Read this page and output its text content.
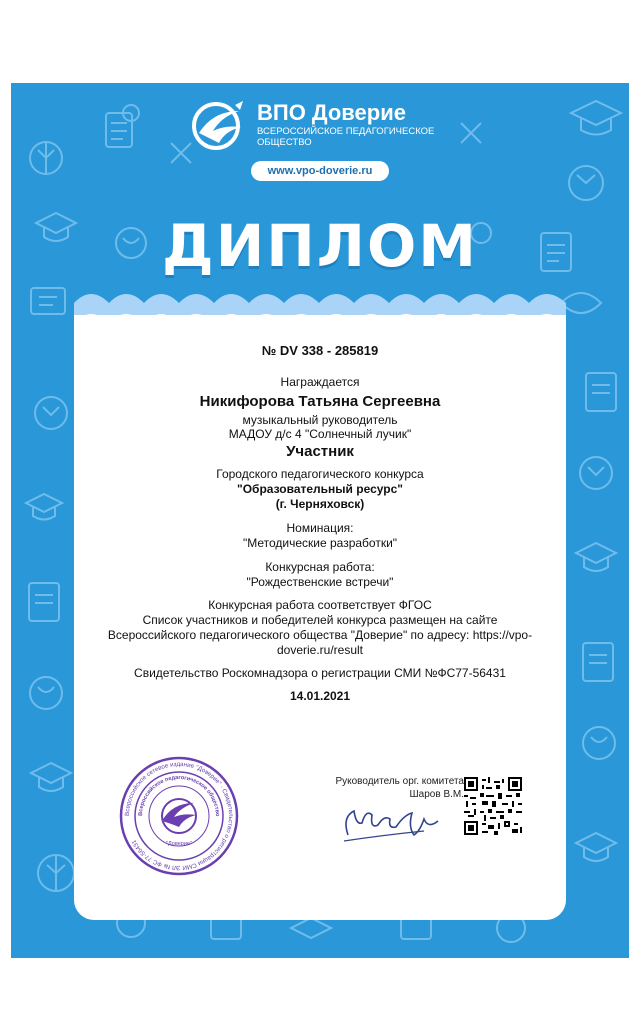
ВПО Доверие
ВСЕРОССИЙСКОЕ ПЕДАГОГИЧЕСКОЕ ОБЩЕСТВО
www.vpo-doverie.ru
ДИПЛОМ
№ DV 338 - 285819
Награждается
Никифорова Татьяна Сергеевна
музыкальный руководитель
МАДОУ д/с 4 "Солнечный лучик"
Участник
Городского педагогического конкурса
"Образовательный ресурс"
(г. Черняховск)
Номинация:
"Методические разработки"
Конкурсная работа:
"Рождественские встречи"
Конкурсная работа соответствует ФГОС
Список участников и победителей конкурса размещен на сайте
Всероссийского педагогического общества "Доверие" по адресу: https://vpo-
doverie.ru/result
Свидетельство Роскомнадзора о регистрации СМИ №ФС77-56431
14.01.2021
Всероссийское сетевое издание "Доверие" · Свидетельство о регистрации СМИ ЭЛ № ФС 77-56431
Всероссийское педагогическое общество
"Доверие"
Руководитель орг. комитета
Шаров В.М.
